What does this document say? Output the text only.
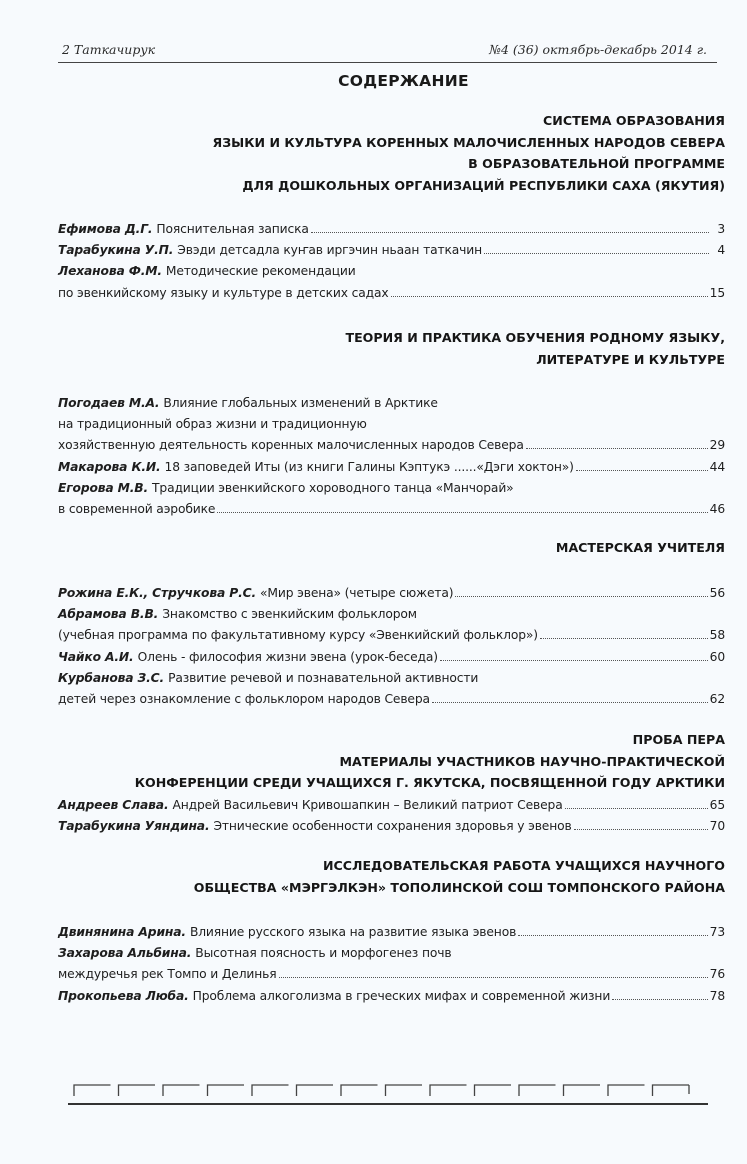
2 Таткачирук	№4 (36) октябрь-декабрь 2014 г.
СОДЕРЖАНИЕ
СИСТЕМА ОБРАЗОВАНИЯ
ЯЗЫКИ И КУЛЬТУРА КОРЕННЫХ МАЛОЧИСЛЕННЫХ НАРОДОВ СЕВЕРА
В ОБРАЗОВАТЕЛЬНОЙ ПРОГРАММЕ
ДЛЯ ДОШКОЛЬНЫХ ОРГАНИЗАЦИЙ РЕСПУБЛИКИ САХА (ЯКУТИЯ)
Ефимова Д.Г. Пояснительная записка	3
Тарабукина У.П. Эвэди детсадла куҥав иргэчин ньаан таткачин	4
Леханова Ф.М. Методические рекомендации
по эвенкийскому языку и культуре в детских садах	15
ТЕОРИЯ И ПРАКТИКА ОБУЧЕНИЯ РОДНОМУ ЯЗЫКУ,
ЛИТЕРАТУРЕ И КУЛЬТУРЕ
Погодаев М.А. Влияние глобальных изменений в Арктике
на традиционный образ жизни и традиционную
хозяйственную деятельность коренных малочисленных народов Севера	29
Макарова К.И. 18 заповедей Иты (из книги Галины Кэптукэ ......«Дэги хоктон»)	44
Егорова М.В. Традиции эвенкийского хороводного танца «Манчорай»
в современной аэробике	46
МАСТЕРСКАЯ УЧИТЕЛЯ
Рожина Е.К., Стручкова Р.С. «Мир эвена» (четыре сюжета)	56
Абрамова В.В. Знакомство с эвенкийским фольклором
(учебная программа по факультативному курсу «Эвенкийский фольклор»)	58
Чайко А.И. Олень - философия жизни эвена (урок-беседа)	60
Курбанова З.С. Развитие речевой и познавательной активности
детей через ознакомление с фольклором народов Севера	62
ПРОБА ПЕРА
МАТЕРИАЛЫ УЧАСТНИКОВ НАУЧНО-ПРАКТИЧЕСКОЙ
КОНФЕРЕНЦИИ СРЕДИ УЧАЩИХСЯ Г. ЯКУТСКА, ПОСВЯЩЕННОЙ ГОДУ АРКТИКИ
Андреев Слава. Андрей Васильевич Кривошапкин – Великий патриот Севера	65
Тарабукина Уяндина. Этнические особенности сохранения здоровья у эвенов	70
ИССЛЕДОВАТЕЛЬСКАЯ РАБОТА УЧАЩИХСЯ НАУЧНОГО
ОБЩЕСТВА «МЭРГЭЛКЭН» ТОПОЛИНСКОЙ СОШ ТОМПОНСКОГО РАЙОНА
Двинянина Арина. Влияние русского языка на развитие языка эвенов	73
Захарова Альбина. Высотная поясность и морфогенез почв
междуречья рек Томпо и Делинья	76
Прокопьева Люба. Проблема алкоголизма в греческих мифах и современной жизни	78
